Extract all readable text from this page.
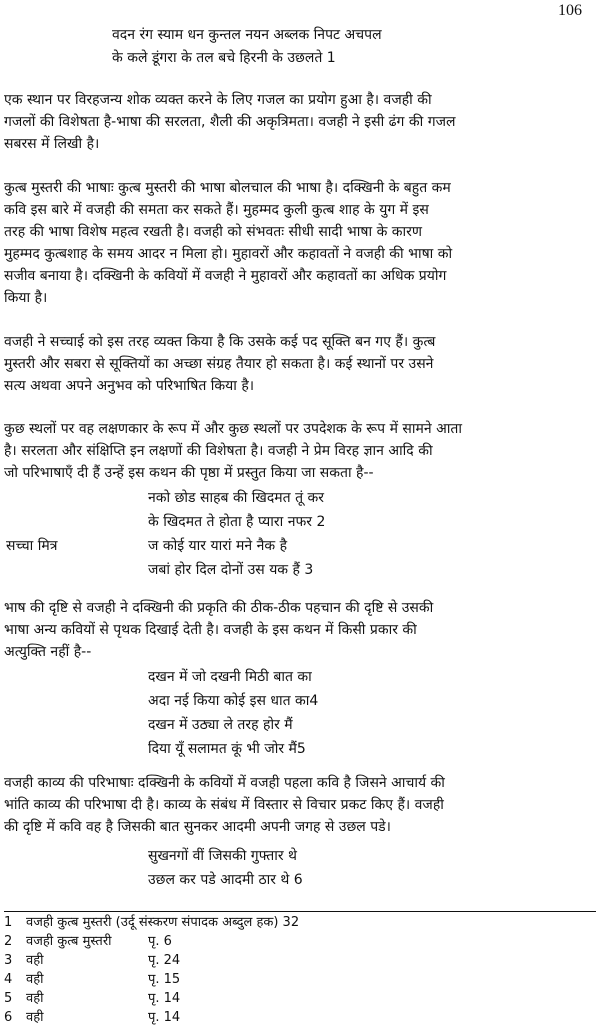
106
वदन रंग स्याम धन कुन्तल नयन अब्लक निपट अचपल
के कले डूंगरा के तल बचे हिरनी के उछलते 1
एक स्थान पर विरहजन्य शोक व्यक्त करने के लिए गजल का प्रयोग हुआ है। वजही की
गजलों की विशेषता है-भाषा की सरलता, शैली की अकृत्रिमता। वजही ने इसी ढंग की गजल
सबरस में लिखी है।
कुत्ब मुस्तरी की भाषाः कुत्ब मुस्तरी की भाषा बोलचाल की भाषा है। दक्खिनी के बहुत कम
कवि इस बारे में वजही की समता कर सकते हैं। मुहम्मद कुली कुत्ब शाह के युग में इस
तरह की भाषा विशेष महत्व रखती है। वजही को संभवतः सीधी सादी भाषा के कारण
मुहम्मद कुत्बशाह के समय आदर न मिला हो। मुहावरों और कहावतों ने वजही की भाषा को
सजीव बनाया है। दक्खिनी के कवियों में वजही ने मुहावरों और कहावतों का अधिक प्रयोग
किया है।
वजही ने सच्चाई को इस तरह व्यक्त किया है कि उसके कई पद सूक्ति बन गए हैं। कुत्ब
मुस्तरी और सबरा से सूक्तियों का अच्छा संग्रह तैयार हो सकता है। कई स्थानों पर उसने
सत्य अथवा अपने अनुभव को परिभाषित किया है।
कुछ स्थलों पर वह लक्षणकार के रूप में और कुछ स्थलों पर उपदेशक के रूप में सामने आता
है। सरलता और संक्षिप्ति इन लक्षणों की विशेषता है। वजही ने प्रेम विरह ज्ञान आदि की
जो परिभाषाएँ दी हैं उन्हें इस कथन की पृष्ठा में प्रस्तुत किया जा सकता है--
नको छोड साहब की खिदमत तूं कर
के खिदमत ते होता है प्यारा नफर 2
ज कोई यार यारां मने नैक है
जबां होर दिल दोनों उस यक हैं 3
सच्चा मित्र
भाष की दृष्टि से वजही ने दक्खिनी की प्रकृति की ठीक-ठीक पहचान की दृष्टि से उसकी
भाषा अन्य कवियों से पृथक दिखाई देती है। वजही के इस कथन में किसी प्रकार की
अत्युक्ति नहीं है--
दखन में जो दखनी मिठी बात का
अदा नई किया कोई इस धात का4
दखन में उठ्या ले तरह होर मैं
दिया यूँ सलामत कूं भी जोर मैं5
वजही काव्य की परिभाषाः दक्खिनी के कवियों में वजही पहला कवि है जिसने आचार्य की
भांति काव्य की परिभाषा दी है। काव्य के संबंध में विस्तार से विचार प्रकट किए हैं। वजही
की दृष्टि में कवि वह है जिसकी बात सुनकर आदमी अपनी जगह से उछल पडे।
सुखनगों वीं जिसकी गुफ्तार थे
उछल कर पडे आदमी ठार थे 6
1 वजही कुत्ब मुस्तरी (उर्दू संस्करण संपादक अब्दुल हक) 32
2 वजही कुत्ब मुस्तरी	पृ. 6
3 वही	पृ. 24
4 वही	पृ. 15
5 वही	पृ. 14
6 वही	पृ. 14
